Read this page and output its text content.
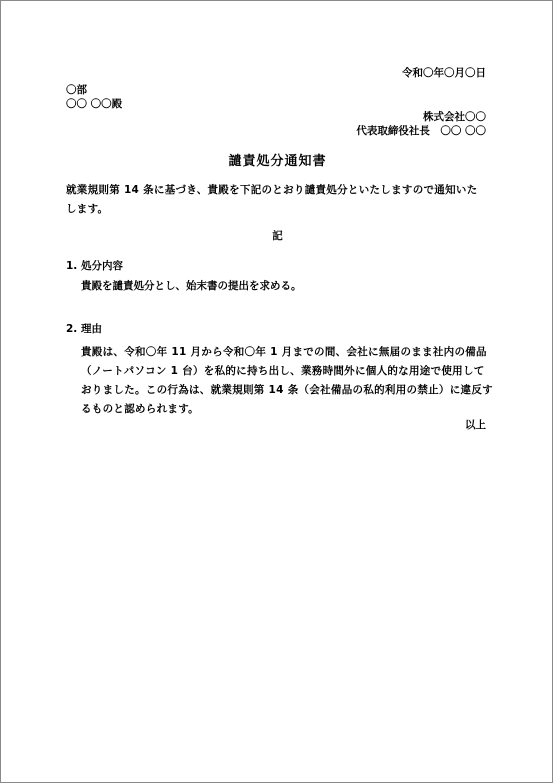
令和〇年〇月〇日
〇部
〇〇 〇〇殿
株式会社〇〇
代表取締役社長　〇〇 〇〇
譴責処分通知書
就業規則第 14 条に基づき、貴殿を下記のとおり譴責処分といたしますので通知いた
します。
記
1. 処分内容
貴殿を譴責処分とし、始末書の提出を求める。
2. 理由
貴殿は、令和〇年 11 月から令和〇年 1 月までの間、会社に無届のまま社内の備品
（ノートパソコン 1 台）を私的に持ち出し、業務時間外に個人的な用途で使用して
おりました。この行為は、就業規則第 14 条（会社備品の私的利用の禁止）に違反す
るものと認められます。
以上
